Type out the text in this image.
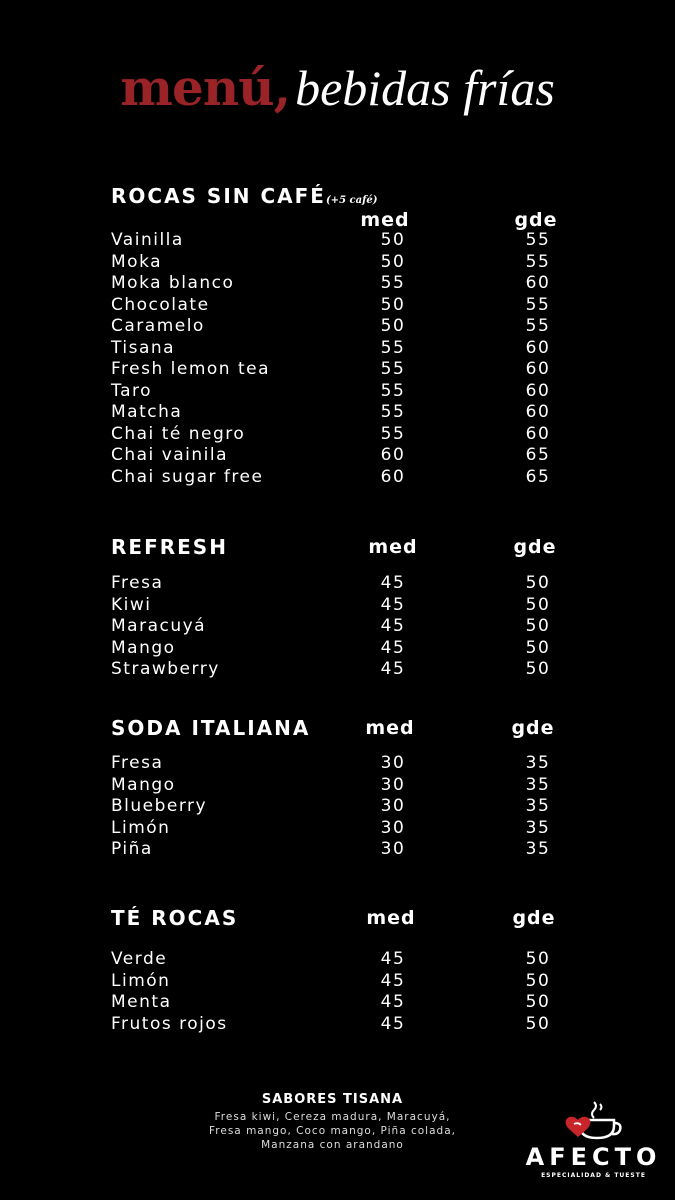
menú, bebidas frías
ROCAS SIN CAFÉ(+5 café)
med	gde
Vainilla	50	55
Moka	50	55
Moka blanco	55	60
Chocolate	50	55
Caramelo	50	55
Tisana	55	60
Fresh lemon tea	55	60
Taro	55	60
Matcha	55	60
Chai té negro	55	60
Chai vainila	60	65
Chai sugar free	60	65
REFRESH	med	gde
Fresa	45	50
Kiwi	45	50
Maracuyá	45	50
Mango	45	50
Strawberry	45	50
SODA ITALIANA	med	gde
Fresa	30	35
Mango	30	35
Blueberry	30	35
Limón	30	35
Piña	30	35
TÉ ROCAS	med	gde
Verde	45	50
Limón	45	50
Menta	45	50
Frutos rojos	45	50
SABORES TISANA
Fresa kiwi, Cereza madura, Maracuyá,
Fresa mango, Coco mango, Piña colada,
Manzana con arandano	AFECTO
ESPECIALIDAD & TUESTE
